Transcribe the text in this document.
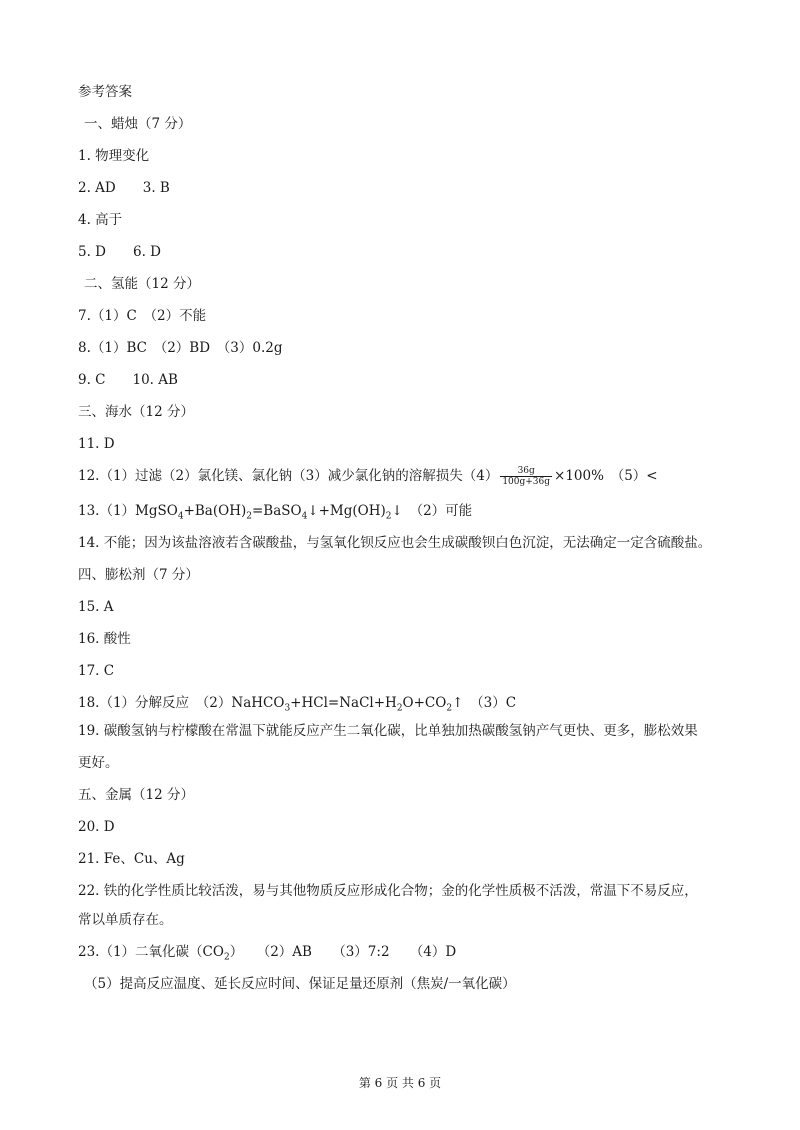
参考答案
一、蜡烛（7 分）
1. 物理变化
2. AD　　3. B
4. 高于
5. D　　6. D
二、氢能（12 分）
7.（1）C　（2）不能
8.（1）BC　（2）BD　（3）0.2g
9. C　　10. AB
三、海水（12 分）
11. D
12.（1）过滤（2）氯化镁、氯化钠（3）减少氯化钠的溶解损失$(4) \frac{36g}{100g+36g} \times 100\%$　（5）<
$13.(1)MgSO_4+Ba(OH)_2=BaSO_4↓+Mg(OH)_2↓$　（2）可能
14. 不能；因为该盐溶液若含碳酸盐，与氢氧化钡反应也会生成碳酸钡白色沉淀，无法确定一定含硫酸盐。
四、膨松剂（7 分）
15. A
16. 酸性
17. C
18.（1）分解反应　$(2)NaHCO_3+HCl=NaCl+H_2O+CO_2↑$　（3）C
19. 碳酸氢钠与柠檬酸在常温下就能反应产生二氧化碳，比单独加热碳酸氢钠产气更快、更多，膨松效果
更好。
五、金属（12 分）
20. D
21. Fe、Cu、Ag
22. 铁的化学性质比较活泼，易与其他物质反应形成化合物；金的化学性质极不活泼，常温下不易反应，
常以单质存在。
23.（1）二氧化碳$(CO_2)$　　（2）AB　　（3）7:2　　（4）D
（5）提高反应温度、延长反应时间、保证足量还原剂（焦炭/一氧化碳）
第 6 页 共 6 页
